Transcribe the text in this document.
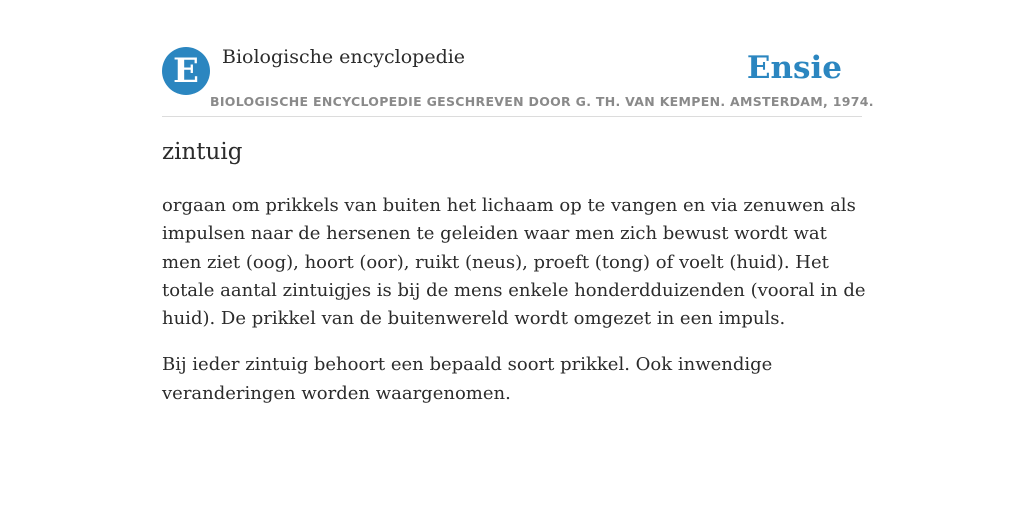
E	Biologische encyclopedie	Ensie
BIOLOGISCHE ENCYCLOPEDIE GESCHREVEN DOOR G. TH. VAN KEMPEN. AMSTERDAM, 1974.
zintuig

orgaan om prikkels van buiten het lichaam op te vangen en via zenuwen als impulsen naar de hersenen te geleiden waar men zich bewust wordt wat men ziet (oog), hoort (oor), ruikt (neus), proeft (tong) of voelt (huid). Het totale aantal zintuigjes is bij de mens enkele honderdduizenden (vooral in de huid). De prikkel van de buitenwereld wordt omgezet in een impuls.

Bij ieder zintuig behoort een bepaald soort prikkel. Ook inwendige veranderingen worden waargenomen.
